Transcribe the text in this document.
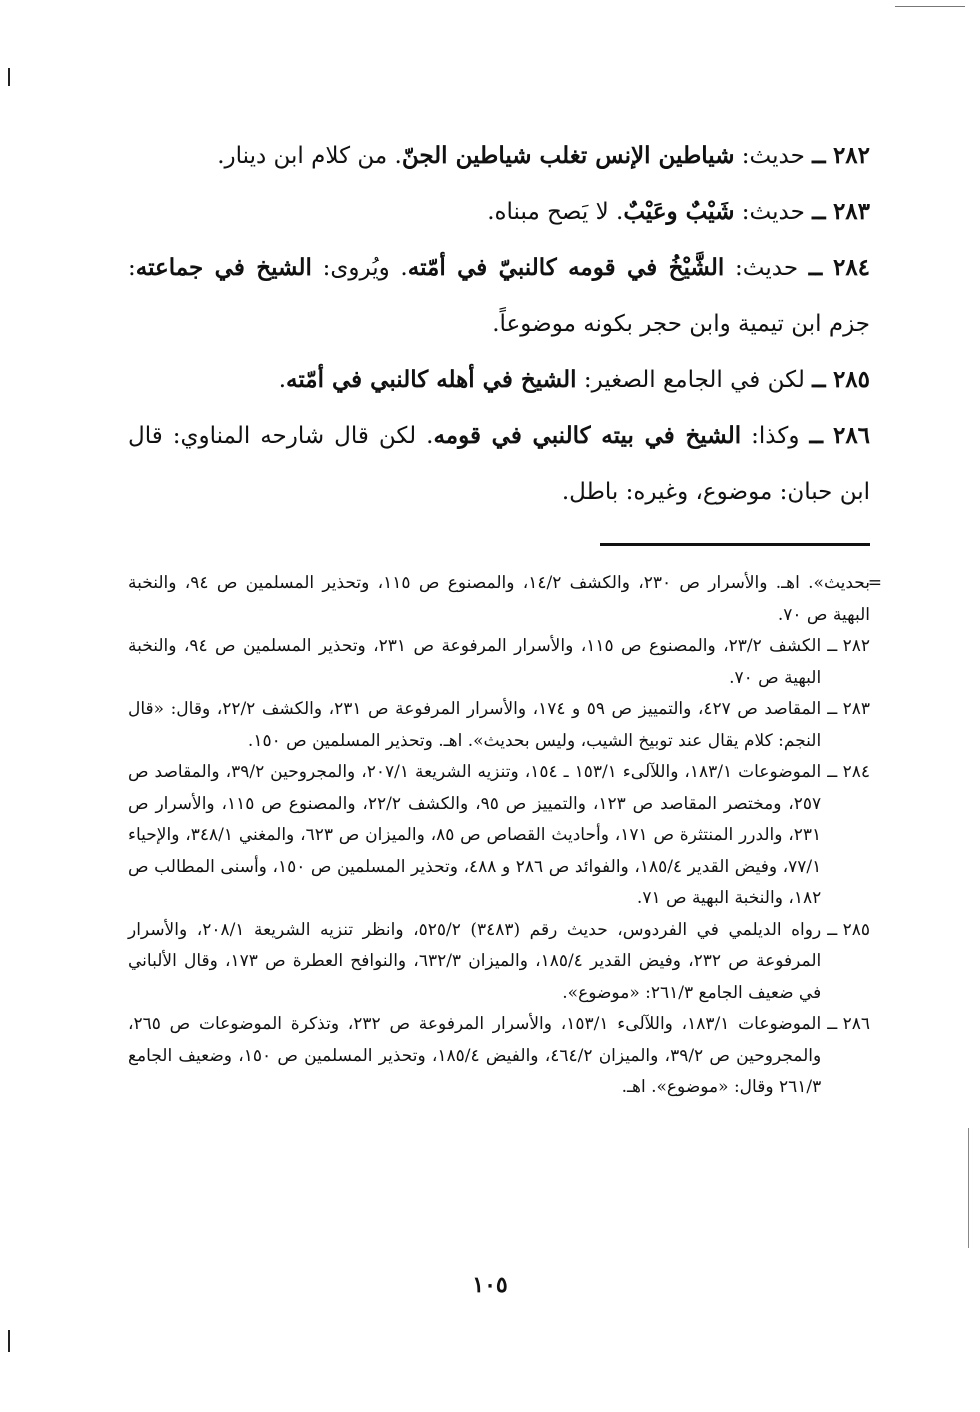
٢٨٢ ــ حديث: شياطين الإنس تغلب شياطين الجنّ. من كلام ابن دينار.

٢٨٣ ــ حديث: شَيْبٌ وعَيْبٌ. لا يَصح مبناه.

٢٨٤ ــ حديث: الشَّيْخُ في قومه كالنبيّ في أمّته. ويُروى: الشيخ في جماعته: جزم ابن تيمية وابن حجر بكونه موضوعاً.

٢٨٥ ــ لكن في الجامع الصغير: الشيخ في أهله كالنبي في أمّته.

٢٨٦ ــ وكذا: الشيخ في بيته كالنبي في قومه. لكن قال شارحه المناوي: قال ابن حبان: موضوع، وغيره: باطل.

=

بحديث». اهـ. والأسرار ص ٢٣٠، والكشف ١٤/٢، والمصنوع ص ١١٥، وتحذير المسلمين ص ٩٤، والنخبة البهية ص ٧٠.

٢٨٢ ــ
الكشف ٢٣/٢، والمصنوع ص ١١٥، والأسرار المرفوعة ص ٢٣١، وتحذير المسلمين ص ٩٤، والنخبة البهية ص ٧٠.

٢٨٣ ــ
المقاصد ص ٤٢٧، والتمييز ص ٥٩ و ١٧٤، والأسرار المرفوعة ص ٢٣١، والكشف ٢٢/٢، وقال: «قال النجم: كلام يقال عند توبيخ الشيب، وليس بحديث». اهـ. وتحذير المسلمين ص ١٥٠.

٢٨٤ ــ
الموضوعات ١٨٣/١، واللآلىء ١٥٣/١ ـ ١٥٤، وتنزيه الشريعة ٢٠٧/١، والمجروحين ٣٩/٢، والمقاصد ص ٢٥٧، ومختصر المقاصد ص ١٢٣، والتمييز ص ٩٥، والكشف ٢٢/٢، والمصنوع ص ١١٥، والأسرار ص ٢٣١، والدرر المنتثرة ص ١٧١، وأحاديث القصاص ص ٨٥، والميزان ص ٦٢٣، والمغني ٣٤٨/١، والإحياء ٧٧/١، وفيض القدير ١٨٥/٤، والفوائد ص ٢٨٦ و ٤٨٨، وتحذير المسلمين ص ١٥٠، وأسنى المطالب ص ١٨٢، والنخبة البهية ص ٧١.

٢٨٥ ــ
رواه الديلمي في الفردوس، حديث رقم (٣٤٨٣) ٥٢٥/٢، وانظر تنزيه الشريعة ٢٠٨/١، والأسرار المرفوعة ص ٢٣٢، وفيض القدير ١٨٥/٤، والميزان ٦٣٢/٣، والنوافح العطرة ص ١٧٣، وقال الألباني في ضعيف الجامع ٢٦١/٣: «موضوع».

٢٨٦ ــ
الموضوعات ١٨٣/١، واللآلىء ١٥٣/١، والأسرار المرفوعة ص ٢٣٢، وتذكرة الموضوعات ص ٢٦٥، والمجروحين ص ٣٩/٢، والميزان ٤٦٤/٢، والفيض ١٨٥/٤، وتحذير المسلمين ص ١٥٠، وضعيف الجامع ٢٦١/٣ وقال: «موضوع». اهـ.

١٠٥
